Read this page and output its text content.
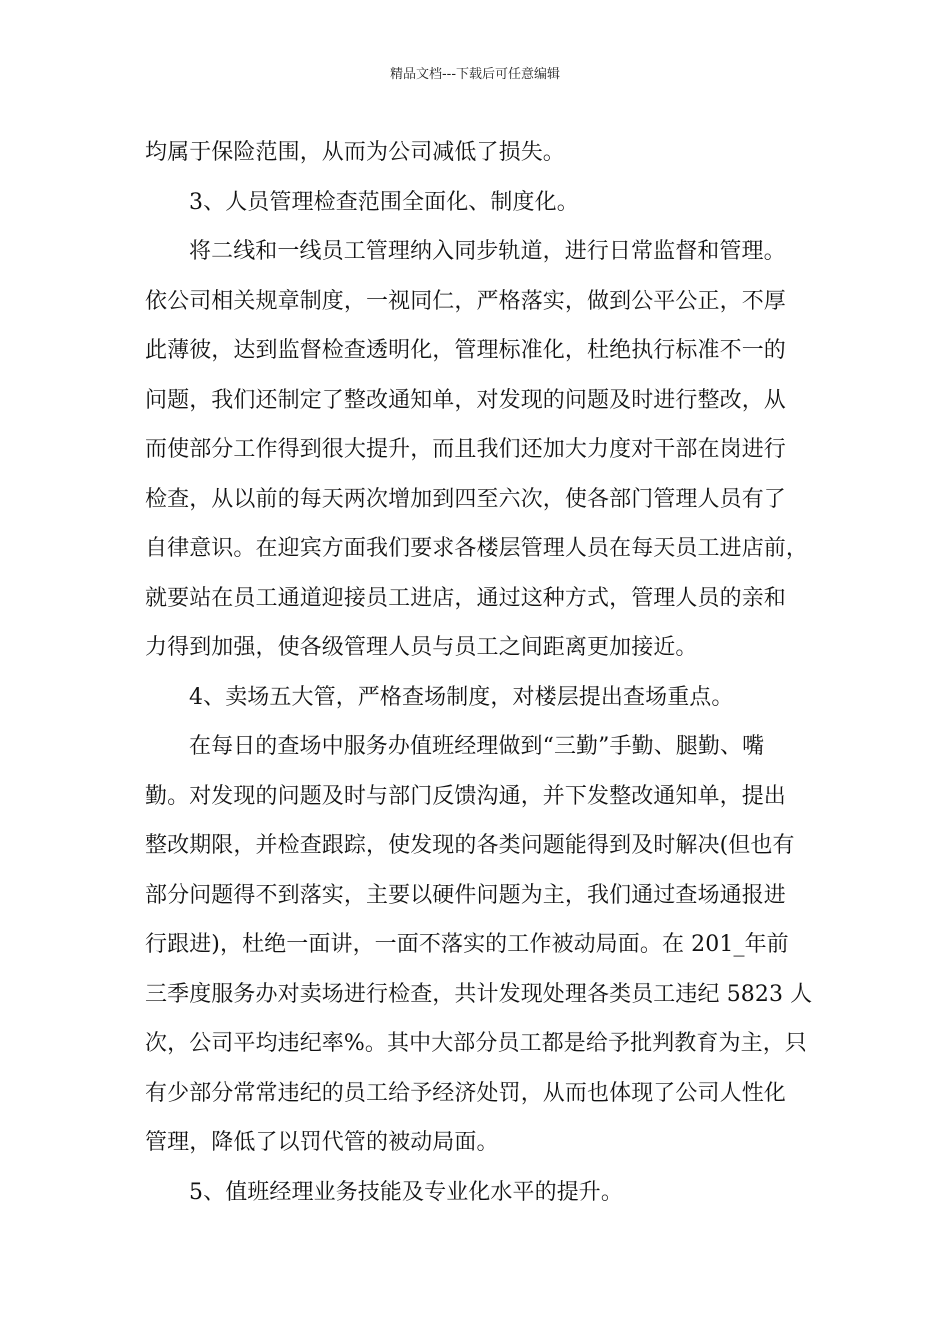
精品文档---下载后可任意编辑
均属于保险范围，从而为公司减低了损失。
3、人员管理检查范围全面化、制度化。
将二线和一线员工管理纳入同步轨道，进行日常监督和管理。
依公司相关规章制度，一视同仁，严格落实，做到公平公正，不厚
此薄彼，达到监督检查透明化，管理标准化，杜绝执行标准不一的
问题，我们还制定了整改通知单，对发现的问题及时进行整改，从
而使部分工作得到很大提升，而且我们还加大力度对干部在岗进行
检查，从以前的每天两次增加到四至六次，使各部门管理人员有了
自律意识。在迎宾方面我们要求各楼层管理人员在每天员工进店前，
就要站在员工通道迎接员工进店，通过这种方式，管理人员的亲和
力得到加强，使各级管理人员与员工之间距离更加接近。
4、卖场五大管，严格查场制度，对楼层提出查场重点。
在每日的查场中服务办值班经理做到“三勤”手勤、腿勤、嘴
勤。对发现的问题及时与部门反馈沟通，并下发整改通知单，提出
整改期限，并检查跟踪，使发现的各类问题能得到及时解决(但也有
部分问题得不到落实，主要以硬件问题为主，我们通过查场通报进
行跟进)，杜绝一面讲，一面不落实的工作被动局面。在 201_年前
三季度服务办对卖场进行检查，共计发现处理各类员工违纪 5823 人
次，公司平均违纪率%。其中大部分员工都是给予批判教育为主，只
有少部分常常违纪的员工给予经济处罚，从而也体现了公司人性化
管理，降低了以罚代管的被动局面。
5、值班经理业务技能及专业化水平的提升。
